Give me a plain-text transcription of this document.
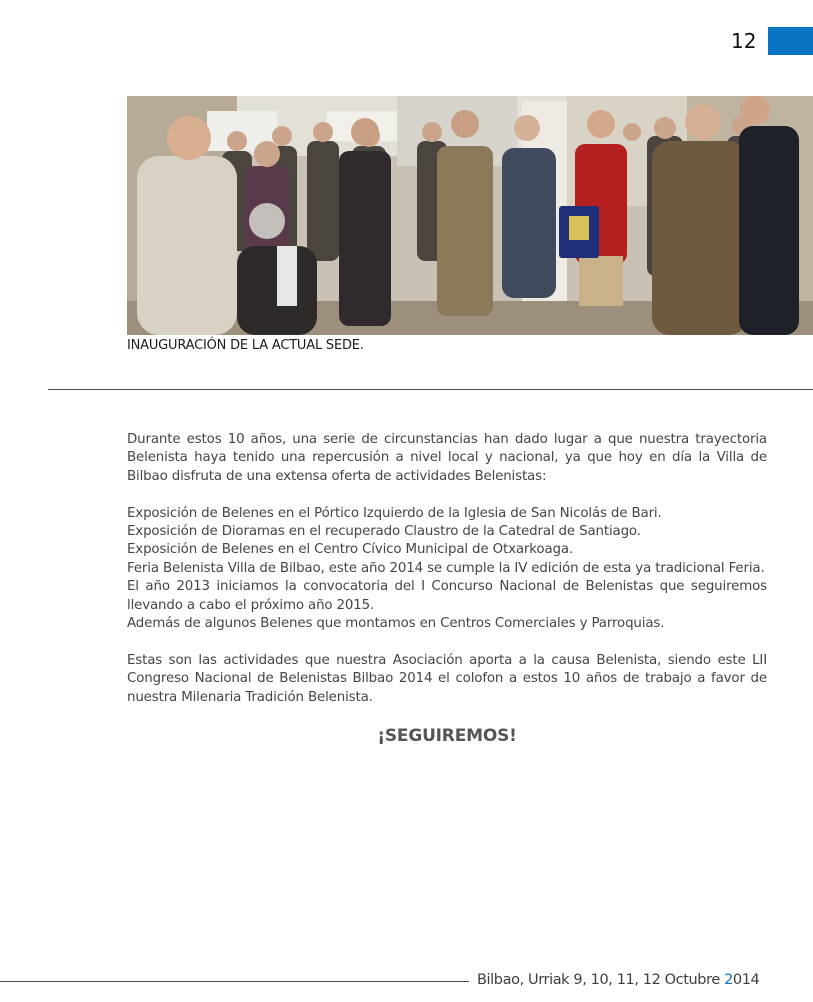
12
INAUGURACIÓN DE LA ACTUAL SEDE.

Durante estos 10 años, una serie de circunstancias han dado lugar a que nuestra trayectoria Belenista haya tenido una repercusión a nivel local y nacional, ya que hoy en día la Villa de Bilbao disfruta de una extensa oferta de actividades Belenistas:

Exposición de Belenes en el Pórtico Izquierdo de la Iglesia de San Nicolás de Bari.

Exposición de Dioramas en el recuperado Claustro de la Catedral de Santiago.

Exposición de Belenes en el Centro Cívico Municipal de Otxarkoaga.

Feria Belenista Villa de Bilbao, este año 2014 se cumple la IV edición de esta ya tradicional Feria.

El año 2013 iniciamos la convocatoria del I Concurso Nacional de Belenistas que seguiremos llevando a cabo el próximo año 2015.

Además de algunos Belenes que montamos en Centros Comerciales y Parroquias.

Estas son las actividades que nuestra Asociación aporta a la causa Belenista, siendo este LII Congreso Nacional de Belenistas Bilbao 2014 el colofon a estos 10 años de trabajo a favor de nuestra Milenaria Tradición Belenista.

¡SEGUIREMOS!
Bilbao, Urriak 9, 10, 11, 12 Octubre 2014
